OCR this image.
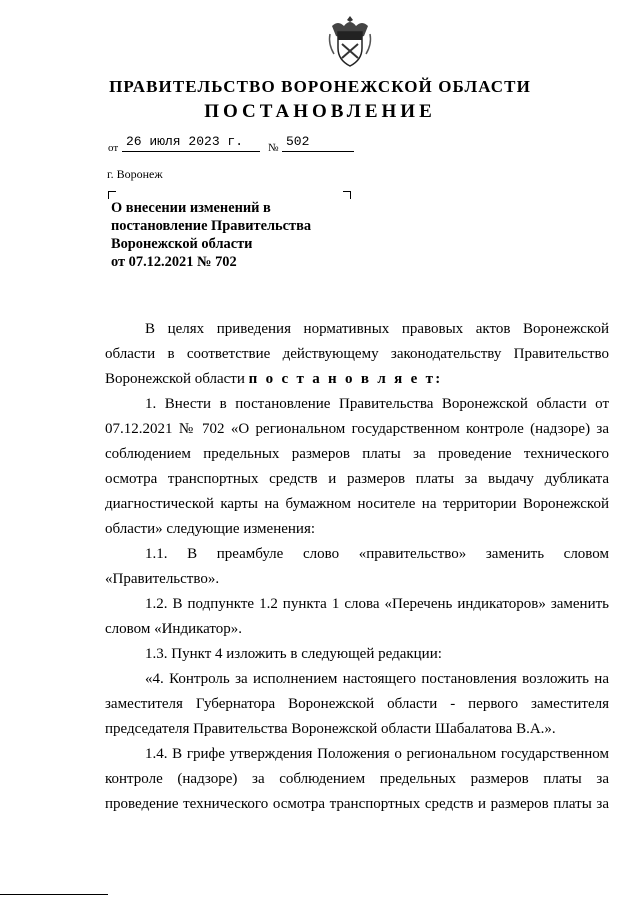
ПРАВИТЕЛЬСТВО ВОРОНЕЖСКОЙ ОБЛАСТИ
ПОСТАНОВЛЕНИЕ
от 26 июля 2023 г. № 502
г. Воронеж
О внесении изменений в
постановление Правительства
Воронежской области
от 07.12.2021 № 702
В целях приведения нормативных правовых актов Воронежской
области в соответствие действующему законодательству Правительство
Воронежской области п о с т а н о в л я е т:
1. Внести в постановление Правительства Воронежской области от
07.12.2021 № 702 «О региональном государственном контроле (надзоре) за
соблюдением предельных размеров платы за проведение технического
осмотра транспортных средств и размеров платы за выдачу дубликата
диагностической карты на бумажном носителе на территории Воронежской
области» следующие изменения:
1.1. В преамбуле слово «правительство» заменить словом
«Правительство».
1.2. В подпункте 1.2 пункта 1 слова «Перечень индикаторов» заменить
словом «Индикатор».
1.3. Пункт 4 изложить в следующей редакции:
«4. Контроль за исполнением настоящего постановления возложить на
заместителя Губернатора Воронежской области - первого заместителя
председателя Правительства Воронежской области Шабалатова В.А.».
1.4. В грифе утверждения Положения о региональном государственном
контроле (надзоре) за соблюдением предельных размеров платы за
проведение технического осмотра транспортных средств и размеров платы за
